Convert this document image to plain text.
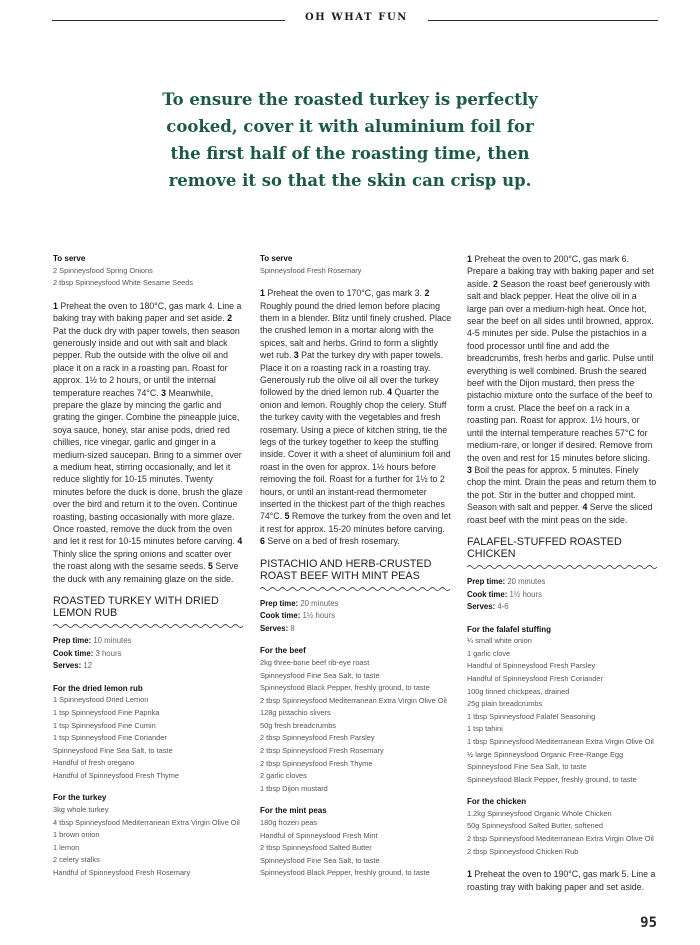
OH WHAT FUN
To ensure the roasted turkey is perfectly
cooked, cover it with aluminium foil for
the first half of the roasting time, then
remove it so that the skin can crisp up.

To serve

2 Spinneysfood Spring Onions

2 tbsp Spinneysfood White Sesame Seeds

1 Preheat the oven to 180°C, gas mark 4. Line a baking tray with baking paper and set aside. 2 Pat the duck dry with paper towels, then season generously inside and out with salt and black pepper. Rub the outside with the olive oil and place it on a rack in a roasting pan. Roast for approx. 1½ to 2 hours, or until the internal temperature reaches 74°C. 3 Meanwhile, prepare the glaze by mincing the garlic and grating the ginger. Combine the pineapple juice, soya sauce, honey, star anise pods, dried red chillies, rice vinegar, garlic and ginger in a medium-sized saucepan. Bring to a simmer over a medium heat, stirring occasionally, and let it reduce slightly for 10-15 minutes. Twenty minutes before the duck is done, brush the glaze over the bird and return it to the oven. Continue roasting, basting occasionally with more glaze. Once roasted, remove the duck from the oven and let it rest for 10-15 minutes before carving. 4 Thinly slice the spring onions and scatter over the roast along with the sesame seeds. 5 Serve the duck with any remaining glaze on the side.

ROASTED TURKEY WITH DRIED LEMON RUB

Prep time: 10 minutes

Cook time: 3 hours

Serves: 12

For the dried lemon rub

1 Spinneysfood Dried Lemon

1 tsp Spinneysfood Fine Paprika

1 tsp Spinneysfood Fine Cumin

1 tsp Spinneysfood Fine Coriander

Spinneysfood Fine Sea Salt, to taste

Handful of fresh oregano

Handful of Spinneysfood Fresh Thyme

For the turkey

3kg whole turkey

4 tbsp Spinneysfood Mediterranean Extra Virgin Olive Oil

1 brown onion

1 lemon

2 celery stalks

Handful of Spinneysfood Fresh Rosemary

To serve

Spinneysfood Fresh Rosemary

1 Preheat the oven to 170°C, gas mark 3. 2 Roughly pound the dried lemon before placing them in a blender. Blitz until finely crushed. Place the crushed lemon in a mortar along with the spices, salt and herbs. Grind to form a slightly wet rub. 3 Pat the turkey dry with paper towels. Place it on a roasting rack in a roasting tray. Generously rub the olive oil all over the turkey followed by the dried lemon rub. 4 Quarter the onion and lemon. Roughly chop the celery. Stuff the turkey cavity with the vegetables and fresh rosemary. Using a piece of kitchen string, tie the legs of the turkey together to keep the stuffing inside. Cover it with a sheet of aluminium foil and roast in the oven for approx. 1½ hours before removing the foil. Roast for a further for 1½ to 2 hours, or until an instant-read thermometer inserted in the thickest part of the thigh reaches 74°C. 5 Remove the turkey from the oven and let it rest for approx. 15-20 minutes before carving. 6 Serve on a bed of fresh rosemary.

PISTACHIO AND HERB-CRUSTED ROAST BEEF WITH MINT PEAS

Prep time: 20 minutes

Cook time: 1½ hours

Serves: 8

For the beef

2kg three-bone beef rib-eye roast

Spinneysfood Fine Sea Salt, to taste

Spinneysfood Black Pepper, freshly ground, to taste

2 tbsp Spinneysfood Mediterranean Extra Virgin Olive Oil

128g pistachio slivers

50g fresh breadcrumbs

2 tbsp Spinneysfood Fresh Parsley

2 tbsp Spinneysfood Fresh Rosemary

2 tbsp Spinneysfood Fresh Thyme

2 garlic cloves

1 tbsp Dijon mustard

For the mint peas

180g frozen peas

Handful of Spinneysfood Fresh Mint

2 tbsp Spinneysfood Salted Butter

Spinneysfood Fine Sea Salt, to taste

Spinneysfood Black Pepper, freshly ground, to taste

1 Preheat the oven to 200°C, gas mark 6. Prepare a baking tray with baking paper and set aside. 2 Season the roast beef generously with salt and black pepper. Heat the olive oil in a large pan over a medium-high heat. Once hot, sear the beef on all sides until browned, approx. 4-5 minutes per side. Pulse the pistachios in a food processor until fine and add the breadcrumbs, fresh herbs and garlic. Pulse until everything is well combined. Brush the seared beef with the Dijon mustard, then press the pistachio mixture onto the surface of the beef to form a crust. Place the beef on a rack in a roasting pan. Roast for approx. 1½ hours, or until the internal temperature reaches 57°C for medium-rare, or longer if desired. Remove from the oven and rest for 15 minutes before slicing. 3 Boil the peas for approx. 5 minutes. Finely chop the mint. Drain the peas and return them to the pot. Stir in the butter and chopped mint. Season with salt and pepper. 4 Serve the sliced roast beef with the mint peas on the side.

FALAFEL-STUFFED ROASTED CHICKEN

Prep time: 20 minutes

Cook time: 1½ hours

Serves: 4-6

For the falafel stuffing

¼ small white onion

1 garlic clove

Handful of Spinneysfood Fresh Parsley

Handful of Spinneysfood Fresh Coriander

100g tinned chickpeas, drained

25g plain breadcrumbs

1 tbsp Spinneysfood Falafel Seasoning

1 tsp tahini

1 tbsp Spinneysfood Mediterranean Extra Virgin Olive Oil

½ large Spinneysfood Organic Free-Range Egg

Spinneysfood Fine Sea Salt, to taste

Spinneysfood Black Pepper, freshly ground, to taste

For the chicken

1.2kg Spinneysfood Organic Whole Chicken

50g Spinneysfood Salted Butter, softened

2 tbsp Spinneysfood Mediterranean Extra Virgin Olive Oil

2 tbsp Spinneysfood Chicken Rub

1 Preheat the oven to 190°C, gas mark 5. Line a roasting tray with baking paper and set aside.

95
